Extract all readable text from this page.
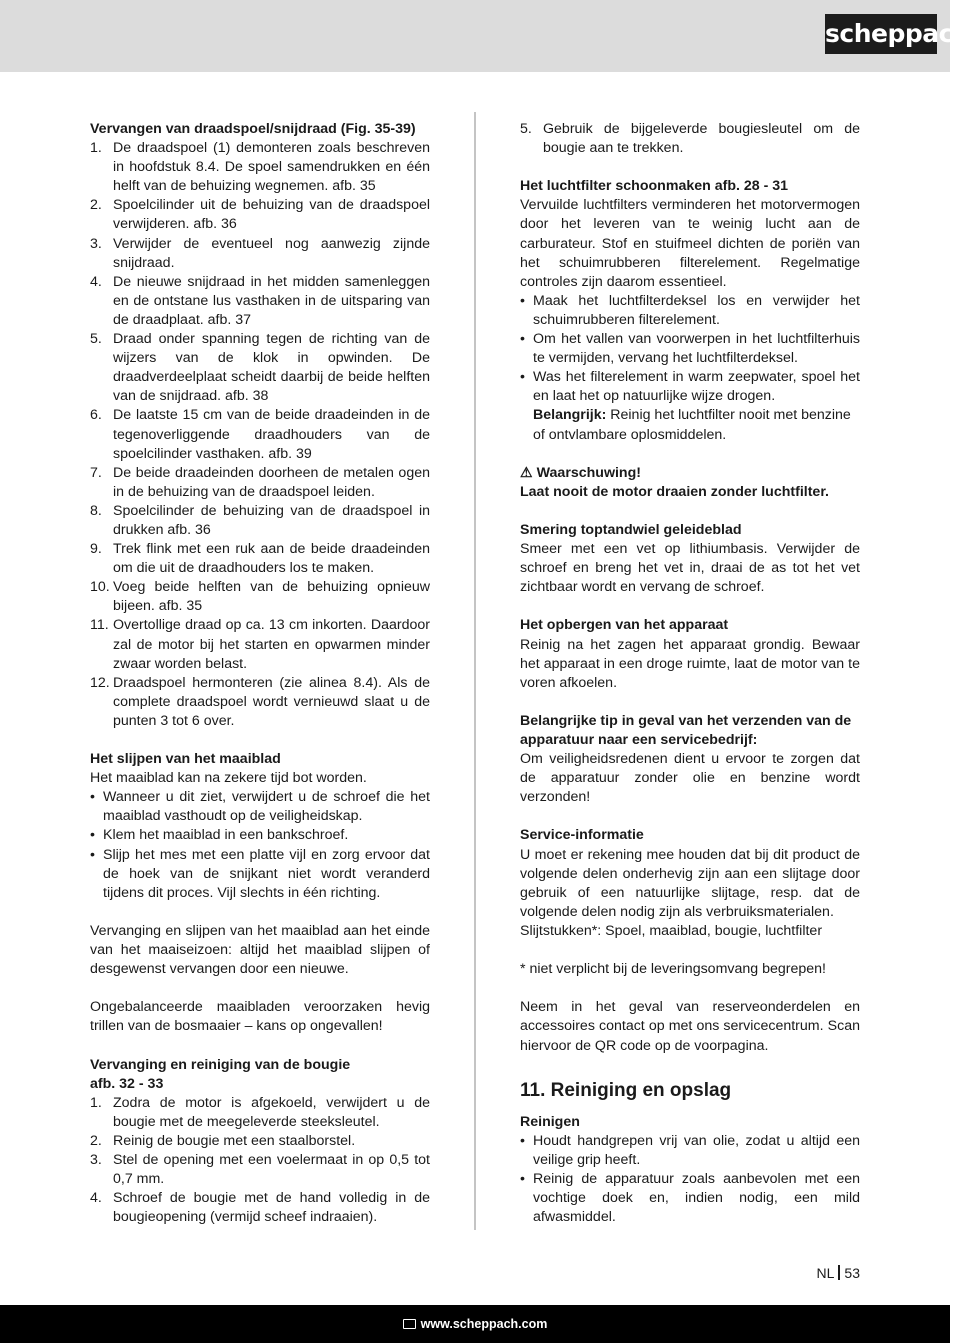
scheppach

Vervangen van draadspoel/snijdraad (Fig. 35-39)

1. De draadspoel (1) demonteren zoals beschreven in hoofdstuk 8.4. De spoel samendrukken en één helft van de behuizing wegnemen. afb. 35
2. Spoelcilinder uit de behuizing van de draadspoel verwijderen. afb. 36
3. Verwijder de eventueel nog aanwezig zijnde snijdraad.
4. De nieuwe snijdraad in het midden samenleggen en de ontstane lus vasthaken in de uitsparing van de draadplaat. afb. 37
5. Draad onder spanning tegen de richting van de wijzers van de klok in opwinden. De draadverdeelplaat scheidt daarbij de beide helften van de snijdraad. afb. 38
6. De laatste 15 cm van de beide draadeinden in de tegenoverliggende draadhouders van de spoelcilinder vasthaken. afb. 39
7. De beide draadeinden doorheen de metalen ogen in de behuizing van de draadspoel leiden.
8. Spoelcilinder de behuizing van de draadspoel in drukken afb. 36
9. Trek flink met een ruk aan de beide draadeinden om die uit de draadhouders los te maken.
10. Voeg beide helften van de behuizing opnieuw bijeen. afb. 35
11. Overtollige draad op ca. 13 cm inkorten. Daardoor zal de motor bij het starten en opwarmen minder zwaar worden belast.
12. Draadspoel hermonteren (zie alinea 8.4). Als de complete draadspoel wordt vernieuwd slaat u de punten 3 tot 6 over.

Het slijpen van het maaiblad

Het maaiblad kan na zekere tijd bot worden.

• Wanneer u dit ziet, verwijdert u de schroef die het maaiblad vasthoudt op de veiligheidskap.
• Klem het maaiblad in een bankschroef.
• Slijp het mes met een platte vijl en zorg ervoor dat de hoek van de snijkant niet wordt veranderd tijdens dit proces. Vijl slechts in één richting.

Vervanging en slijpen van het maaiblad aan het einde van het maaiseizoen: altijd het maaiblad slijpen of desgewenst vervangen door een nieuwe.

Ongebalanceerde maaibladen veroorzaken hevig trillen van de bosmaaier – kans op ongevallen!

Vervanging en reiniging van de bougie

afb. 32 - 33

1. Zodra de motor is afgekoeld, verwijdert u de bougie met de meegeleverde steeksleutel.
2. Reinig de bougie met een staalborstel.
3. Stel de opening met een voelermaat in op 0,5 tot 0,7 mm.
4. Schroef de bougie met de hand volledig in de bougieopening (vermijd scheef indraaien).
5. Gebruik de bijgeleverde bougiesleutel om de bougie aan te trekken.

Het luchtfilter schoonmaken afb. 28 - 31

Vervuilde luchtfilters verminderen het motorvermogen door het leveren van te weinig lucht aan de carburateur. Stof en stuifmeel dichten de poriën van het schuimrubberen filterelement. Regelmatige controles zijn daarom essentieel.

• Maak het luchtfilterdeksel los en verwijder het schuimrubberen filterelement.
• Om het vallen van voorwerpen in het luchtfilterhuis te vermijden, vervang het luchtfilterdeksel.
• Was het filterelement in warm zeepwater, spoel het en laat het op natuurlijke wijze drogen.
Belangrijk: Reinig het luchtfilter nooit met benzine of ontvlambare oplosmiddelen.

⚠ Waarschuwing!

Laat nooit de motor draaien zonder luchtfilter.

Smering toptandwiel geleideblad

Smeer met een vet op lithiumbasis. Verwijder de schroef en breng het vet in, draai de as tot het vet zichtbaar wordt en vervang de schroef.

Het opbergen van het apparaat

Reinig na het zagen het apparaat grondig. Bewaar het apparaat in een droge ruimte, laat de motor van te voren afkoelen.

Belangrijke tip in geval van het verzenden van de

apparatuur naar een servicebedrijf:

Om veiligheidsredenen dient u ervoor te zorgen dat de apparatuur zonder olie en benzine wordt verzonden!

Service-informatie

U moet er rekening mee houden dat bij dit product de volgende delen onderhevig zijn aan een slijtage door gebruik of een natuurlijke slijtage, resp. dat de volgende delen nodig zijn als verbruiksmaterialen.

Slijtstukken*: Spoel, maaiblad, bougie, luchtfilter

* niet verplicht bij de leveringsomvang begrepen!

Neem in het geval van reserveonderdelen en accessoires contact op met ons servicecentrum. Scan hiervoor de QR code op de voorpagina.

11. Reiniging en opslag

Reinigen

• Houdt handgrepen vrij van olie, zodat u altijd een veilige grip heeft.
• Reinig de apparatuur zoals aanbevolen met een vochtige doek en, indien nodig, een mild afwasmiddel.
NL 53
www.scheppach.com
